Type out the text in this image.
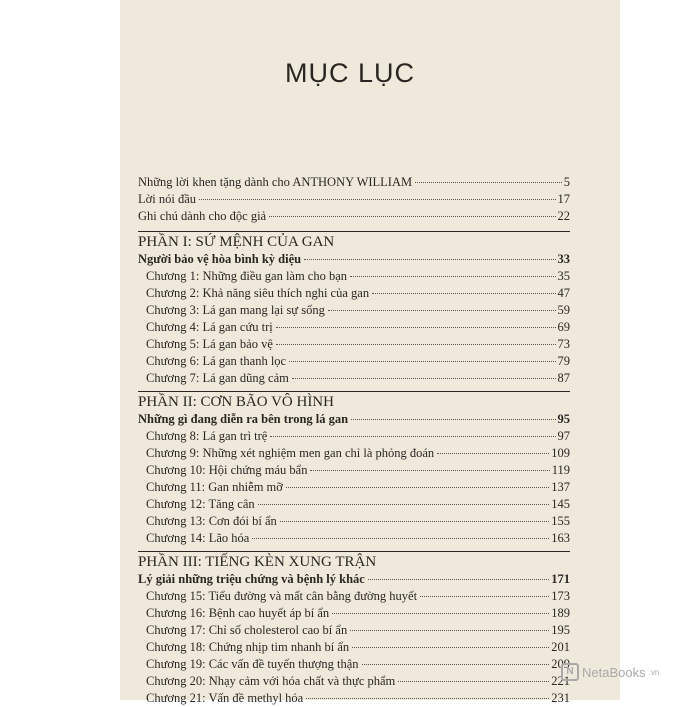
MỤC LỤC
Những lời khen tặng dành cho ANTHONY WILLIAM	5
Lời nói đầu	17
Ghi chú dành cho độc giả	22
PHẦN I: SỨ MỆNH CỦA GAN
Người bảo vệ hòa bình kỳ diệu	33
Chương 1: Những điều gan làm cho bạn	35
Chương 2: Khả năng siêu thích nghi của gan	47
Chương 3: Lá gan mang lại sự sống	59
Chương 4: Lá gan cứu trị	69
Chương 5: Lá gan bảo vệ	73
Chương 6: Lá gan thanh lọc	79
Chương 7: Lá gan dũng cảm	87
PHẦN II: CƠN BÃO VÔ HÌNH
Những gì đang diễn ra bên trong lá gan	95
Chương 8: Lá gan trì trệ	97
Chương 9: Những xét nghiệm men gan chỉ là phỏng đoán	109
Chương 10: Hội chứng máu bẩn	119
Chương 11: Gan nhiễm mỡ	137
Chương 12: Tăng cân	145
Chương 13: Cơn đói bí ẩn	155
Chương 14: Lão hóa	163
PHẦN III: TIẾNG KÈN XUNG TRẬN
Lý giải những triệu chứng và bệnh lý khác	171
Chương 15: Tiểu đường và mất cân bằng đường huyết	173
Chương 16: Bệnh cao huyết áp bí ẩn	189
Chương 17: Chỉ số cholesterol cao bí ẩn	195
Chương 18: Chứng nhịp tim nhanh bí ẩn	201
Chương 19: Các vấn đề tuyến thượng thận	209
Chương 20: Nhạy cảm với hóa chất và thực phẩm	221
Chương 21: Vấn đề methyl hóa	231
N NetaBooks .vn
